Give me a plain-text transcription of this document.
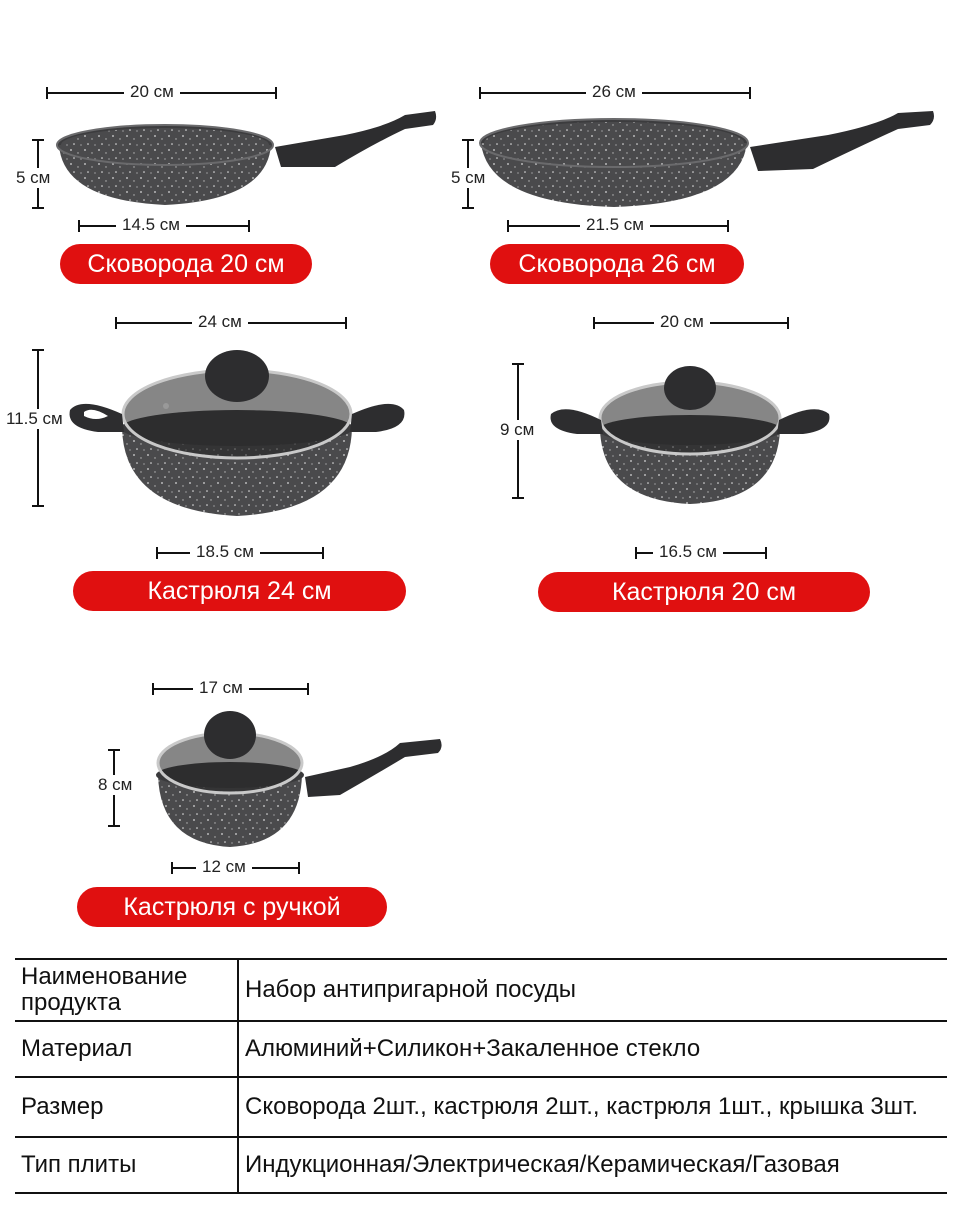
20 см
5 см
14.5 см
Сковорода 20 см
26 см
5 см
21.5 см
Сковорода 26 см
24 см
11.5 см
18.5 см
Кастрюля 24 см
20 см
9 см
16.5 см
Кастрюля 20 см
17 см
8 см
12 см
Кастрюля с ручкой
Наименование продукта	Набор антипригарной посуды
Материал	Алюминий+Силикон+Закаленное стекло
Размер	Сковорода 2шт., кастрюля 2шт., кастрюля 1шт., крышка 3шт.
Тип плиты	Индукционная/Электрическая/Керамическая/Газовая
